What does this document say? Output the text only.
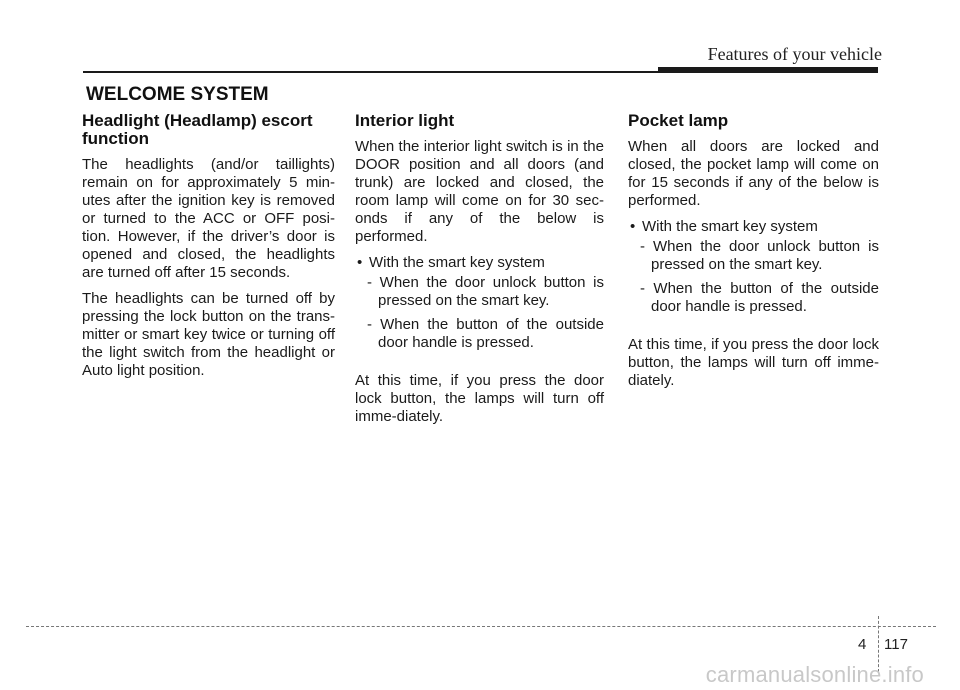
Features of your vehicle
WELCOME SYSTEM
Headlight (Headlamp) escort function

The headlights (and/or taillights) remain on for approximately 5 min-utes after the ignition key is removed or turned to the ACC or OFF posi-tion. However, if the driver’s door is opened and closed, the headlights are turned off after 15 seconds.

The headlights can be turned off by pressing the lock button on the trans-mitter or smart key twice or turning off the light switch from the headlight or Auto light position.

Interior light

When the interior light switch is in the DOOR position and all doors (and trunk) are locked and closed, the room lamp will come on for 30 sec-onds if any of the below is performed.

• With the smart key system
- When the door unlock button is pressed on the smart key.
- When the button of the outside door handle is pressed.

At this time, if you press the door lock button, the lamps will turn off imme-diately.

Pocket lamp

When all doors are locked and closed, the pocket lamp will come on for 15 seconds if any of the below is performed.

• With the smart key system
- When the door unlock button is pressed on the smart key.
- When the button of the outside door handle is pressed.

At this time, if you press the door lock button, the lamps will turn off imme-diately.

4 117
carmanualsonline.info
